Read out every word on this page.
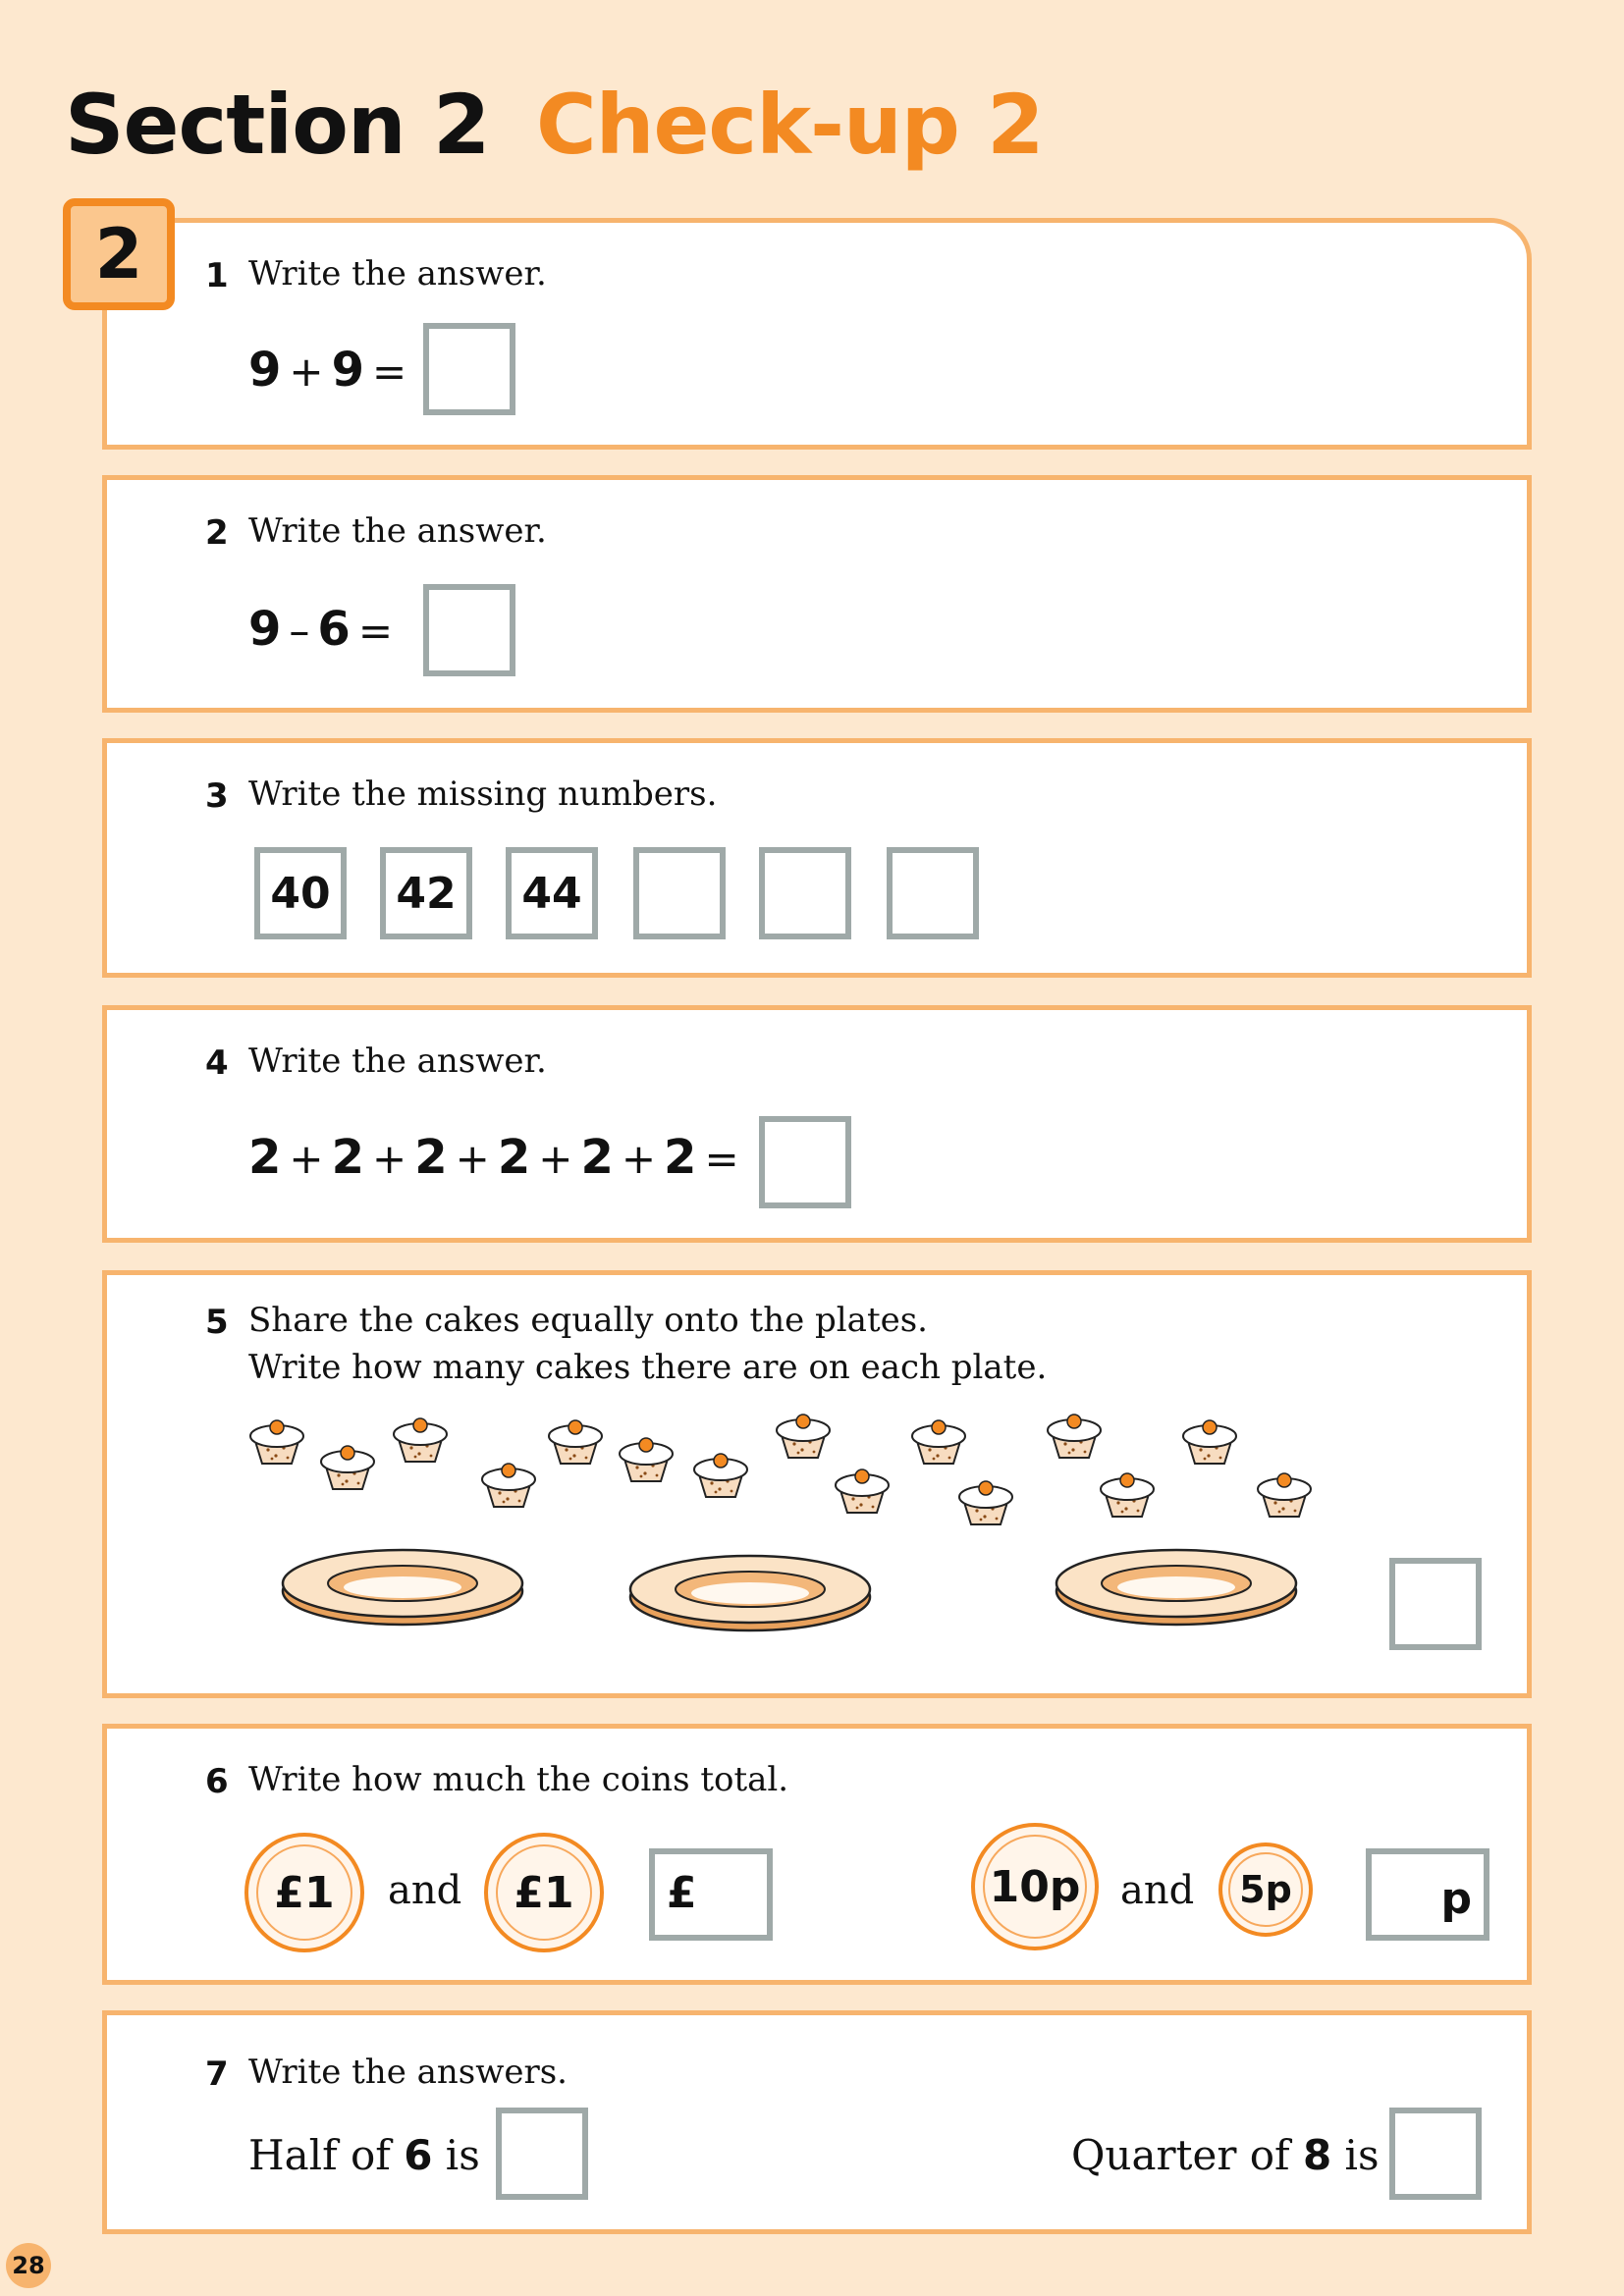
Section 2 Check-up 2
2	1 Write the answer.
9 + 9 =
2 Write the answer.
9 – 6 =
3 Write the missing numbers.
40	42	44
4 Write the answer.
2 + 2 + 2 + 2 + 2 + 2 =
5 Share the cakes equally onto the plates.
Write how many cakes there are on each plate.
6 Write how much the coins total.
£1 and £1 £	10p and 5p	p
7 Write the answers.
Half of 6 is	Quarter of 8 is
28
